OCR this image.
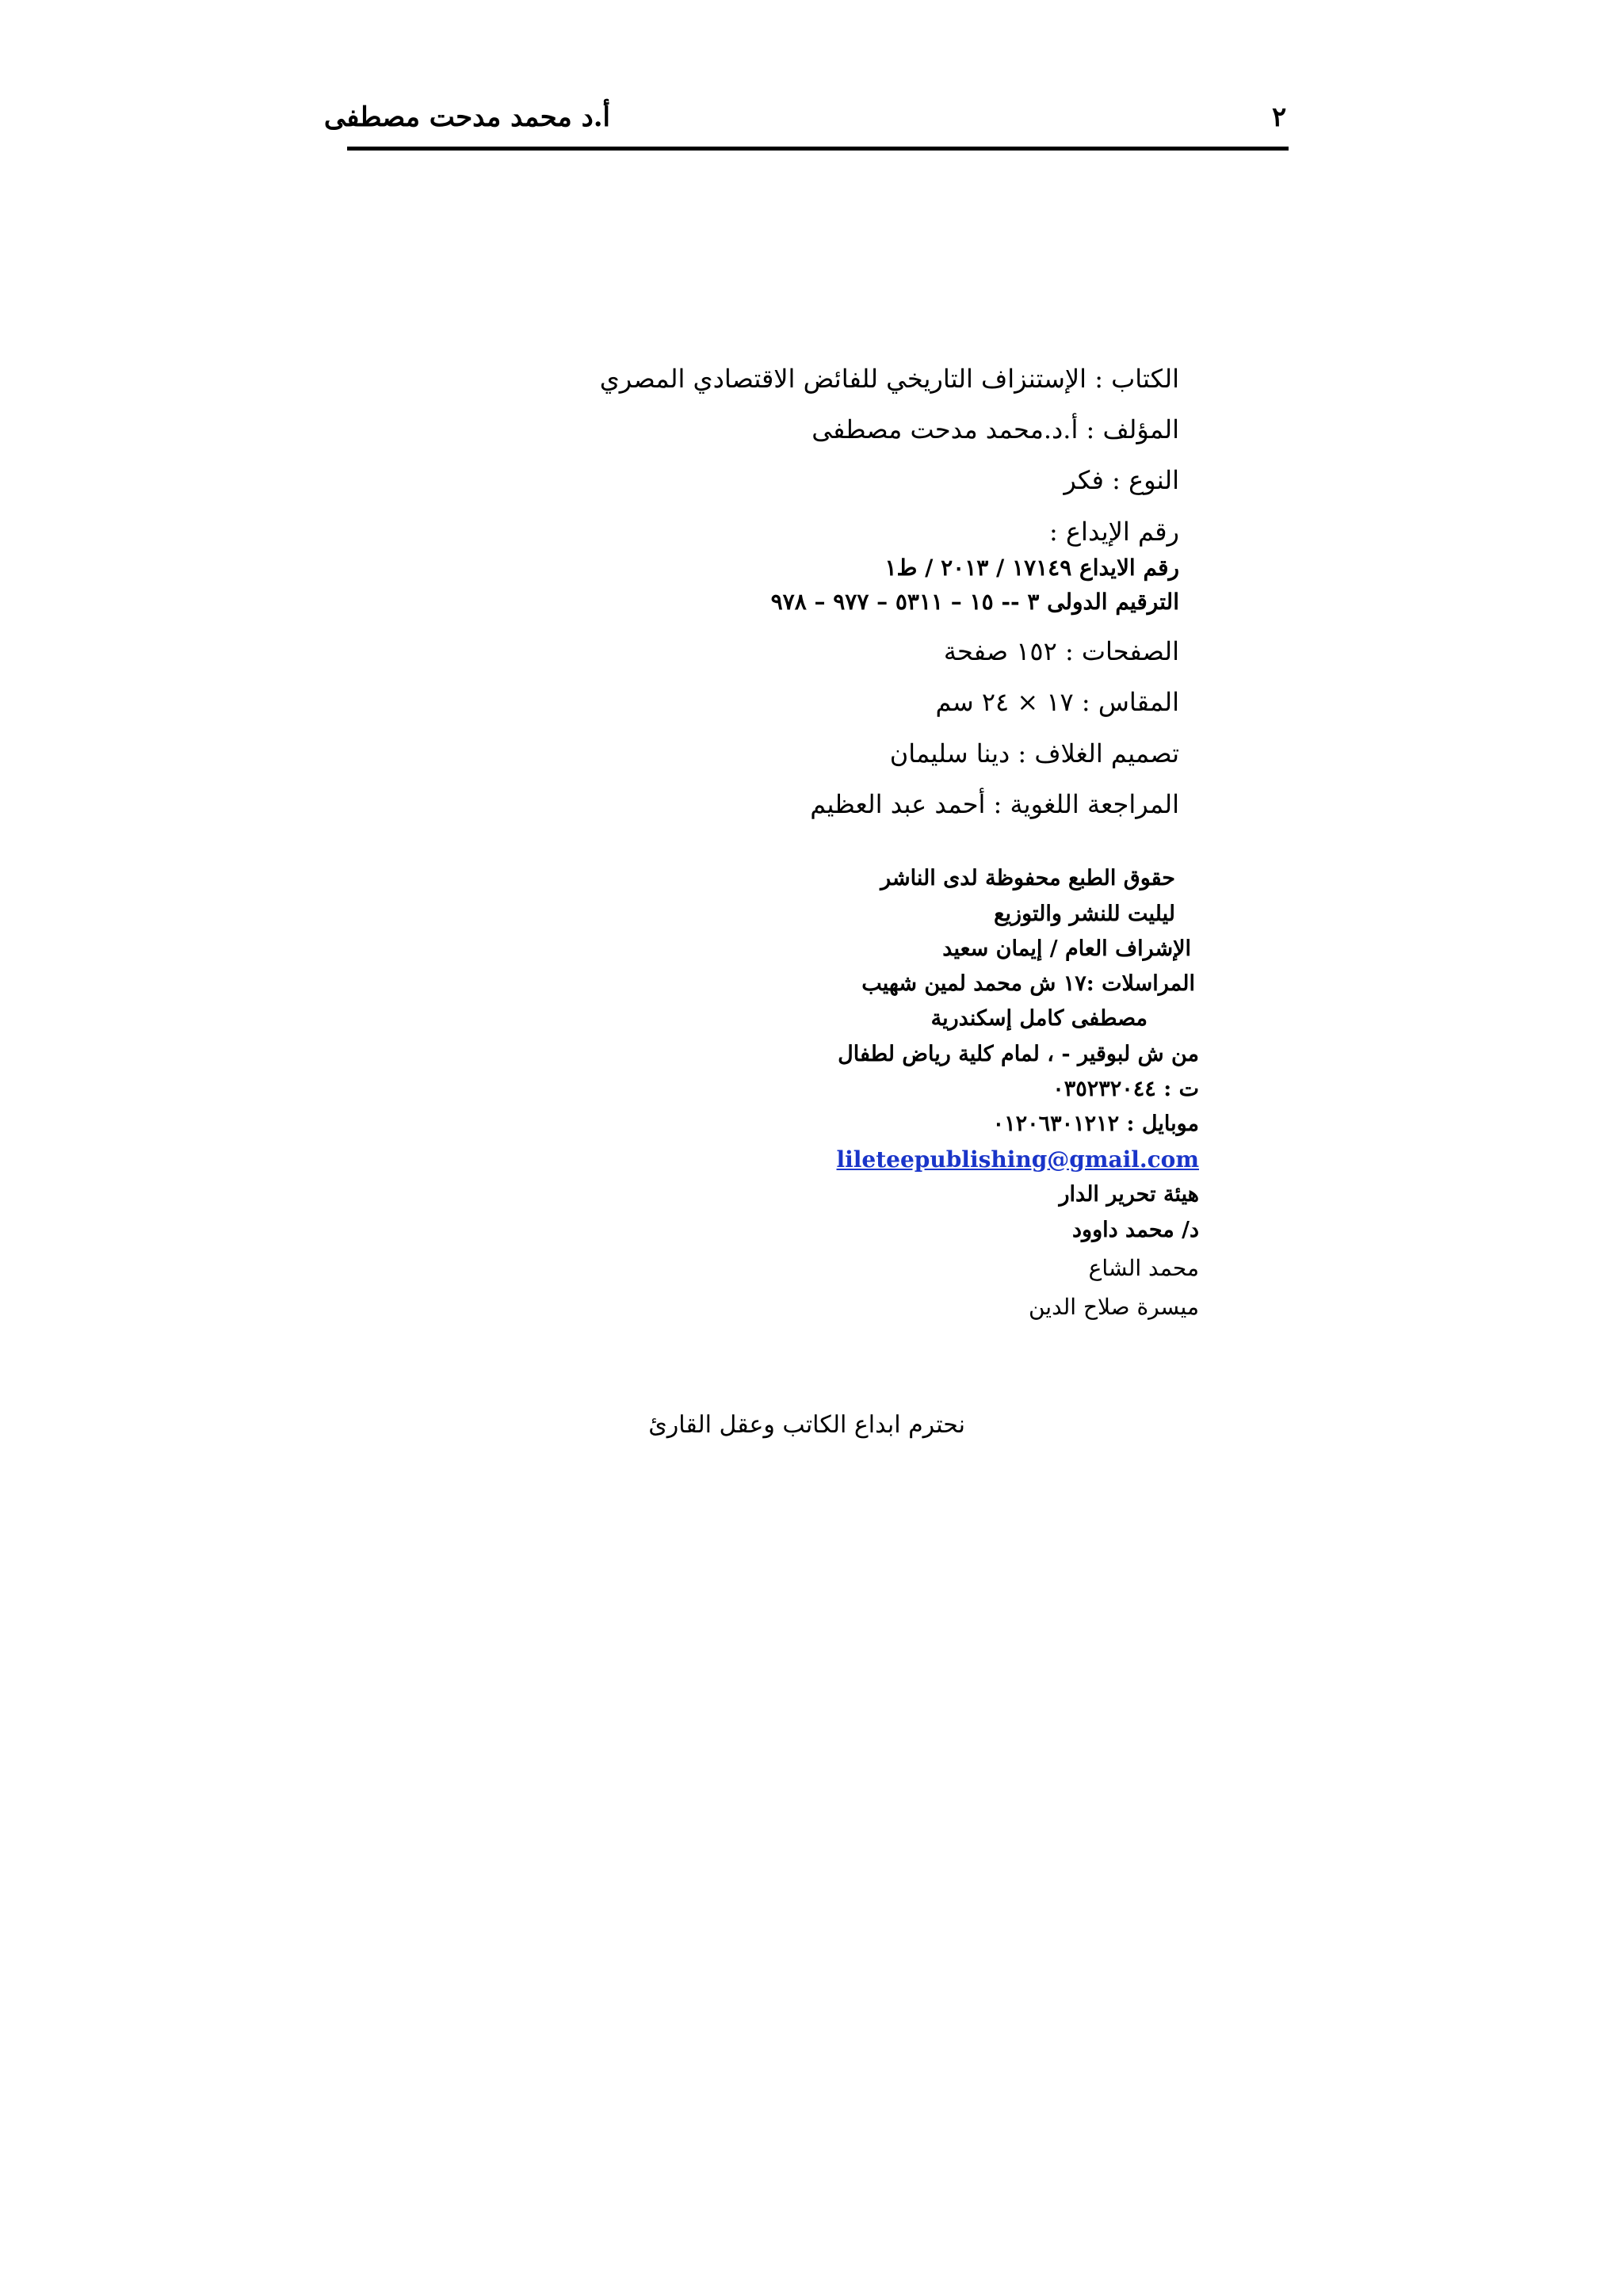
٢
أ.د محمد مدحت مصطفى
الكتاب : الإستنزاف التاريخي للفائض الاقتصادي المصري
المؤلف : أ.د.محمد مدحت مصطفى
النوع : فكر
رقم الإيداع :
رقم الايداع ١٧١٤٩ / ٢٠١٣ / ط١
الترقيم الدولى ٣ -- ١٥ – ٥٣١١ – ٩٧٧ – ٩٧٨
الصفحات : ١٥٢ صفحة
المقاس : ١٧ × ٢٤ سم
تصميم الغلاف : دينا سليمان
المراجعة اللغوية : أحمد عبد العظيم
حقوق الطبع محفوظة لدى الناشر
ليليت للنشر والتوزيع
الإشراف العام / إيمان سعيد
المراسلات :١٧ ش محمد لمين شهيب
مصطفى كامل إسكندرية
من ش لبوقير - ، لمام كلية رياض لطفال
ت : ٠٣٥٢٣٢٠٤٤
موبايل : ٠١٢٠٦٣٠١٢١٢
lileteepublishing@gmail.com
هيئة تحرير الدار
د/ محمد داوود
محمد الشاع
ميسرة صلاح الدين
نحترم ابداع الكاتب وعقل القارئ
